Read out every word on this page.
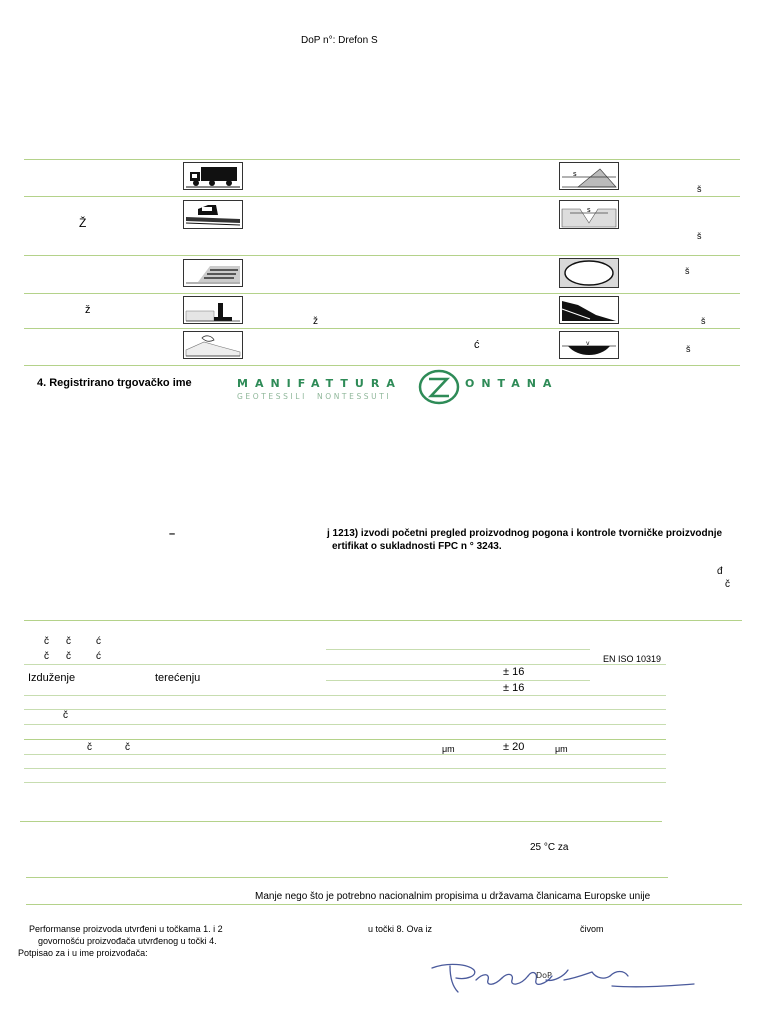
DoP n°: Drefon S
s
š
Ž
s
š
š
ž
ž	š
ć	v
š
4. Registrirano trgovačko ime	MANIFATTURA	ONTANA
GEOTESSILI NONTESSUTI
–	j 1213) izvodi početni pregled proizvodnog pogona i kontrole tvorničke proizvodnje
ertifikat o sukladnosti FPC n ° 3243.
đ
č
č č	ć
č č	ć	EN ISO 10319
Izduženje	terećenju	± 16
± 16
č
č	č	μm	± 20	μm
25 °C za
Manje nego što je potrebno nacionalnim propisima u državama članicama Europske unije
Performanse proizvoda utvrđeni u točkama 1. i 2	u točki 8. Ova iz	čivom
govornošću proizvođača utvrđenog u točki 4.
Potpisao za i u ime proizvođača:
DoP
